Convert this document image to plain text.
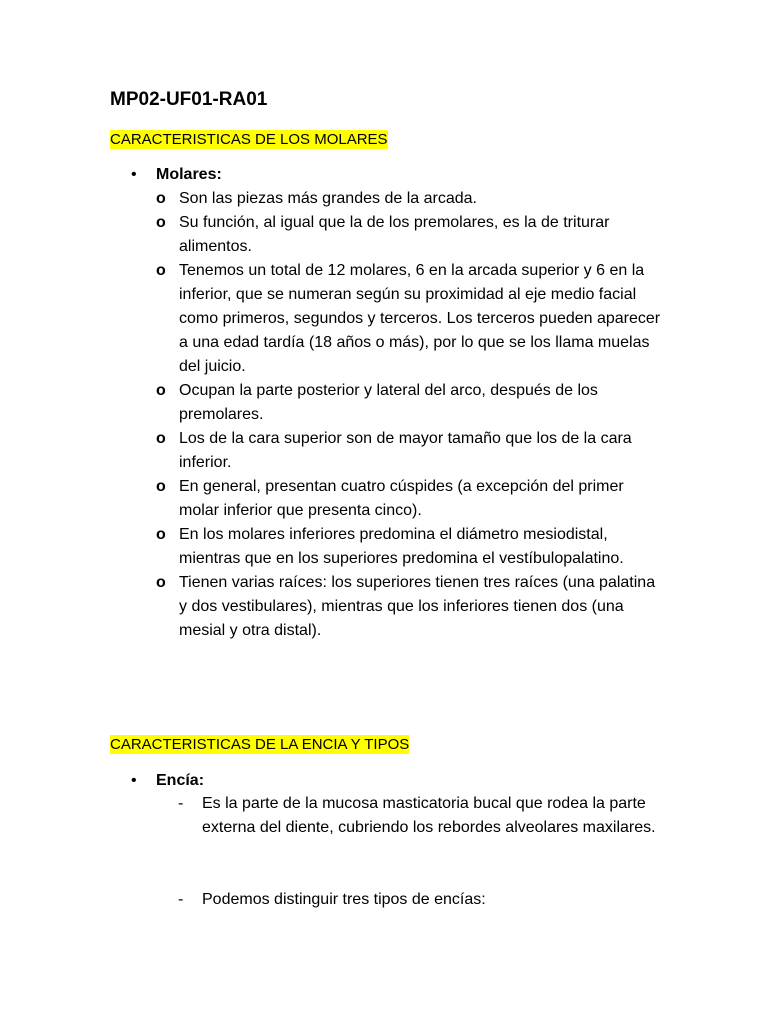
MP02-UF01-RA01

CARACTERISTICAS DE LOS MOLARES

• Molares:
o Son las piezas más grandes de la arcada.
o Su función, al igual que la de los premolares, es la de triturar alimentos.
o Tenemos un total de 12 molares, 6 en la arcada superior y 6 en la inferior, que se numeran según su proximidad al eje medio facial como primeros, segundos y terceros. Los terceros pueden aparecer a una edad tardía (18 años o más), por lo que se los llama muelas del juicio.
o Ocupan la parte posterior y lateral del arco, después de los premolares.
o Los de la cara superior son de mayor tamaño que los de la cara inferior.
o En general, presentan cuatro cúspides (a excepción del primer molar inferior que presenta cinco).
o En los molares inferiores predomina el diámetro mesiodistal, mientras que en los superiores predomina el vestíbulopalatino.
o Tienen varias raíces: los superiores tienen tres raíces (una palatina y dos vestibulares), mientras que los inferiores tienen dos (una mesial y otra distal).

CARACTERISTICAS DE LA ENCIA Y TIPOS

• Encía:
- Es la parte de la mucosa masticatoria bucal que rodea la parte externa del diente, cubriendo los rebordes alveolares maxilares.
- Podemos distinguir tres tipos de encías:
